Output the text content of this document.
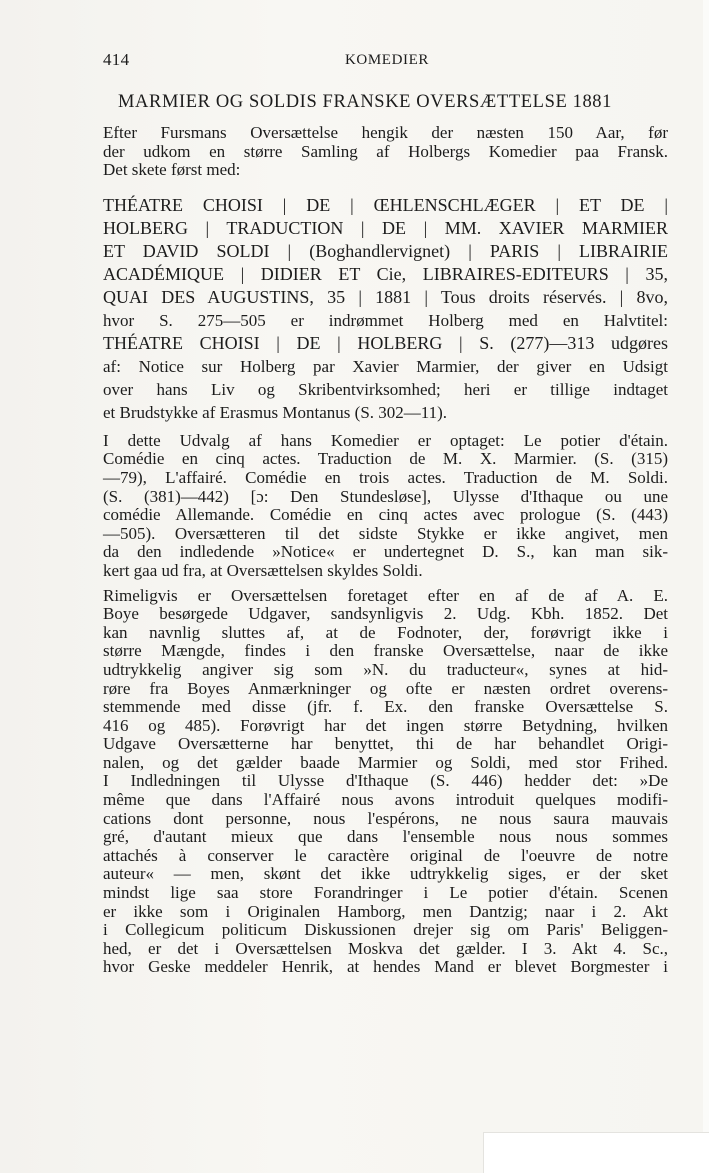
414	KOMEDIER
MARMIER OG SOLDIS FRANSKE OVERSÆTTELSE 1881

Efter Fursmans Oversættelse hengik der næsten 150 Aar, før
der udkom en større Samling af Holbergs Komedier paa Fransk.
Det skete først med:

THÉATRE CHOISI | DE | ŒHLENSCHLÆGER | ET DE |
HOLBERG | TRADUCTION | DE | MM. XAVIER MARMIER
ET DAVID SOLDI | (Boghandlervignet) | PARIS | LIBRAIRIE
ACADÉMIQUE | DIDIER ET Cie, LIBRAIRES-EDITEURS | 35,
QUAI DES AUGUSTINS, 35 | 1881 | Tous droits réservés. | 8vo,
hvor S. 275—505 er indrømmet Holberg med en Halvtitel:
THÉATRE CHOISI | DE | HOLBERG | S. (277)—313 udgøres
af: Notice sur Holberg par Xavier Marmier, der giver en Udsigt
over hans Liv og Skribentvirksomhed; heri er tillige indtaget
et Brudstykke af Erasmus Montanus (S. 302—11).

I dette Udvalg af hans Komedier er optaget: Le potier d'étain.
Comédie en cinq actes. Traduction de M. X. Marmier. (S. (315)
—79), L'affairé. Comédie en trois actes. Traduction de M. Soldi.
(S. (381)—442) [ɔ: Den Stundesløse], Ulysse d'Ithaque ou une
comédie Allemande. Comédie en cinq actes avec prologue (S. (443)
—505). Oversætteren til det sidste Stykke er ikke angivet, men
da den indledende »Notice« er undertegnet D. S., kan man sik-
kert gaa ud fra, at Oversættelsen skyldes Soldi.

Rimeligvis er Oversættelsen foretaget efter en af de af A. E.
Boye besørgede Udgaver, sandsynligvis 2. Udg. Kbh. 1852. Det
kan navnlig sluttes af, at de Fodnoter, der, forøvrigt ikke i
større Mængde, findes i den franske Oversættelse, naar de ikke
udtrykkelig angiver sig som »N. du traducteur«, synes at hid-
røre fra Boyes Anmærkninger og ofte er næsten ordret overens-
stemmende med disse (jfr. f. Ex. den franske Oversættelse S.
416 og 485). Forøvrigt har det ingen større Betydning, hvilken
Udgave Oversætterne har benyttet, thi de har behandlet Origi-
nalen, og det gælder baade Marmier og Soldi, med stor Frihed.
I Indledningen til Ulysse d'Ithaque (S. 446) hedder det: »De
même que dans l'Affairé nous avons introduit quelques modifi-
cations dont personne, nous l'espérons, ne nous saura mauvais
gré, d'autant mieux que dans l'ensemble nous nous sommes
attachés à conserver le caractère original de l'oeuvre de notre
auteur« — men, skønt det ikke udtrykkelig siges, er der sket
mindst lige saa store Forandringer i Le potier d'étain. Scenen
er ikke som i Originalen Hamborg, men Dantzig; naar i 2. Akt
i Collegicum politicum Diskussionen drejer sig om Paris' Beliggen-
hed, er det i Oversættelsen Moskva det gælder. I 3. Akt 4. Sc.,
hvor Geske meddeler Henrik, at hendes Mand er blevet Borgmester i
